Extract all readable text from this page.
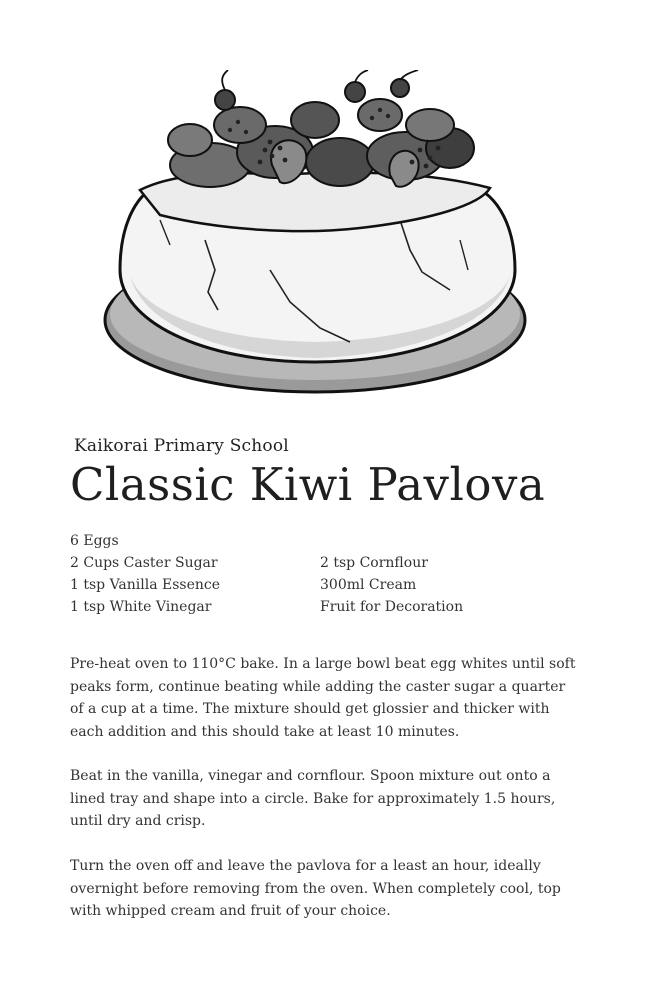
Kaikorai Primary School
Classic Kiwi Pavlova
6 Eggs
2 Cups Caster Sugar
1 tsp Vanilla Essence
1 tsp White Vinegar
2 tsp Cornflour
300ml Cream
Fruit for Decoration

Pre-heat oven to 110°C bake. In a large bowl beat egg whites until soft peaks form, continue beating while adding the caster sugar a quarter of a cup at a time. The mixture should get glossier and thicker with each addition and this should take at least 10 minutes.

Beat in the vanilla, vinegar and cornflour. Spoon mixture out onto a lined tray and shape into a circle. Bake for approximately 1.5 hours, until dry and crisp.

Turn the oven off and leave the pavlova for a least an hour, ideally overnight before removing from the oven. When completely cool, top with whipped cream and fruit of your choice.
